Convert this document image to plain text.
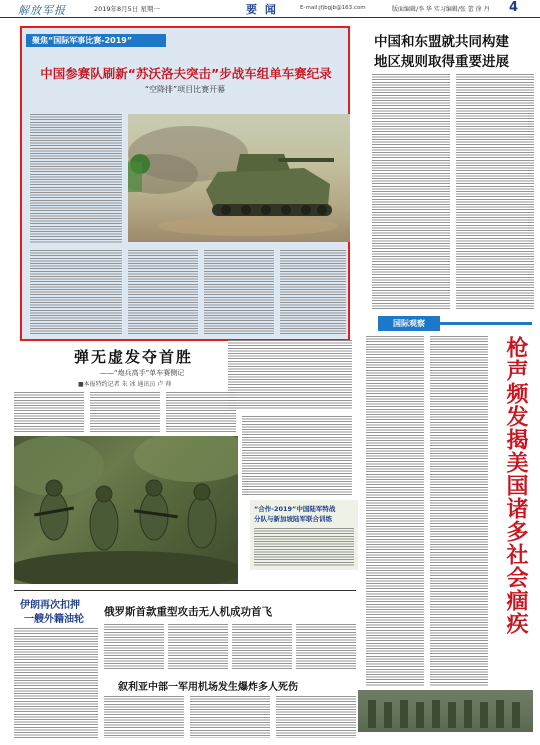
解放军报	2019年8月5日 星期一	要 闻	E-mail:jfjbgjb@163.com	版面编辑/李 华 实习编辑/张 蕾 徐 丹 4
聚焦“国际军事比赛-2019”
中国参赛队刷新“苏沃洛夫突击”步战车组单车赛纪录
“空降排”项目比赛开幕
中国和东盟就共同构建
地区规则取得重要进展
弹无虚发夺首胜
——“炮兵高手”单车赛侧记
■本报特约记者 朱 冰 通讯员 卢 帅
“合作-2019”中国陆军特战
分队与新加坡陆军联合训练
国际观察
枪声频发揭美国诸多社会痼疾
伊朗再次扣押
一艘外籍油轮
俄罗斯首款重型攻击无人机成功首飞
叙利亚中部一军用机场发生爆炸多人死伤
